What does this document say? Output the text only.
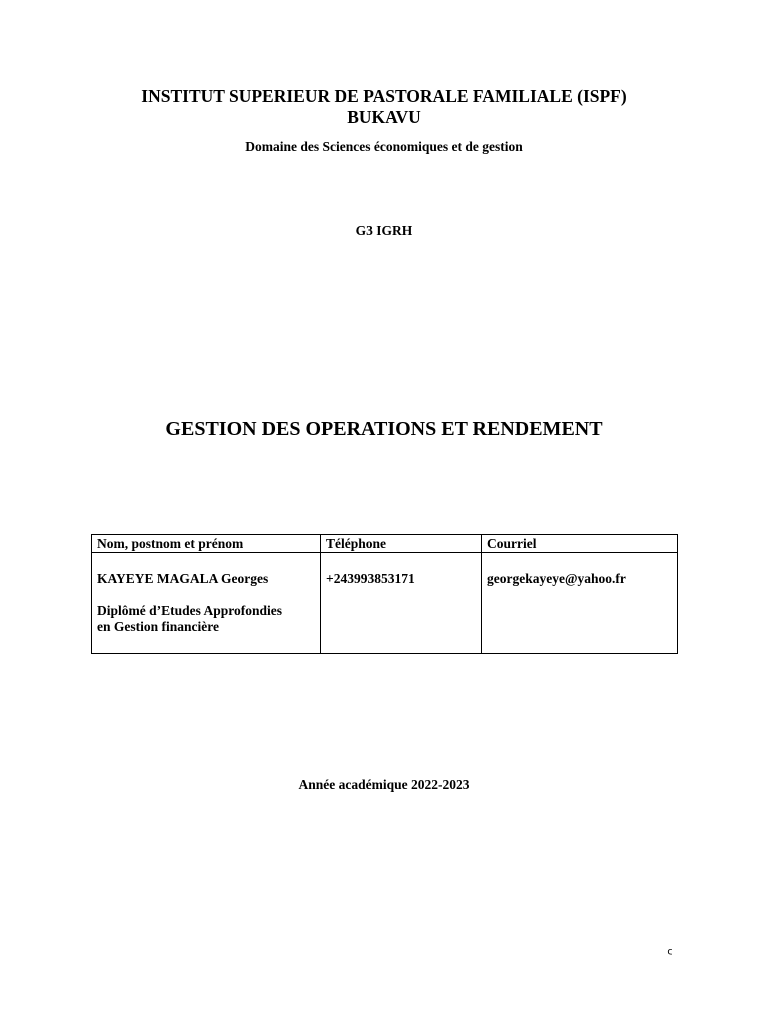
INSTITUT SUPERIEUR DE PASTORALE FAMILIALE (ISPF)
BUKAVU
Domaine des Sciences économiques et de gestion
G3 IGRH
GESTION DES OPERATIONS ET RENDEMENT
Nom, postnom et prénom	Téléphone	Courriel

KAYEYE MAGALA Georges
Diplômé d’Etudes Approfondies
en Gestion financière	+243993853171	georgekayeye@yahoo.fr
Année académique 2022-2023
ᑦ
